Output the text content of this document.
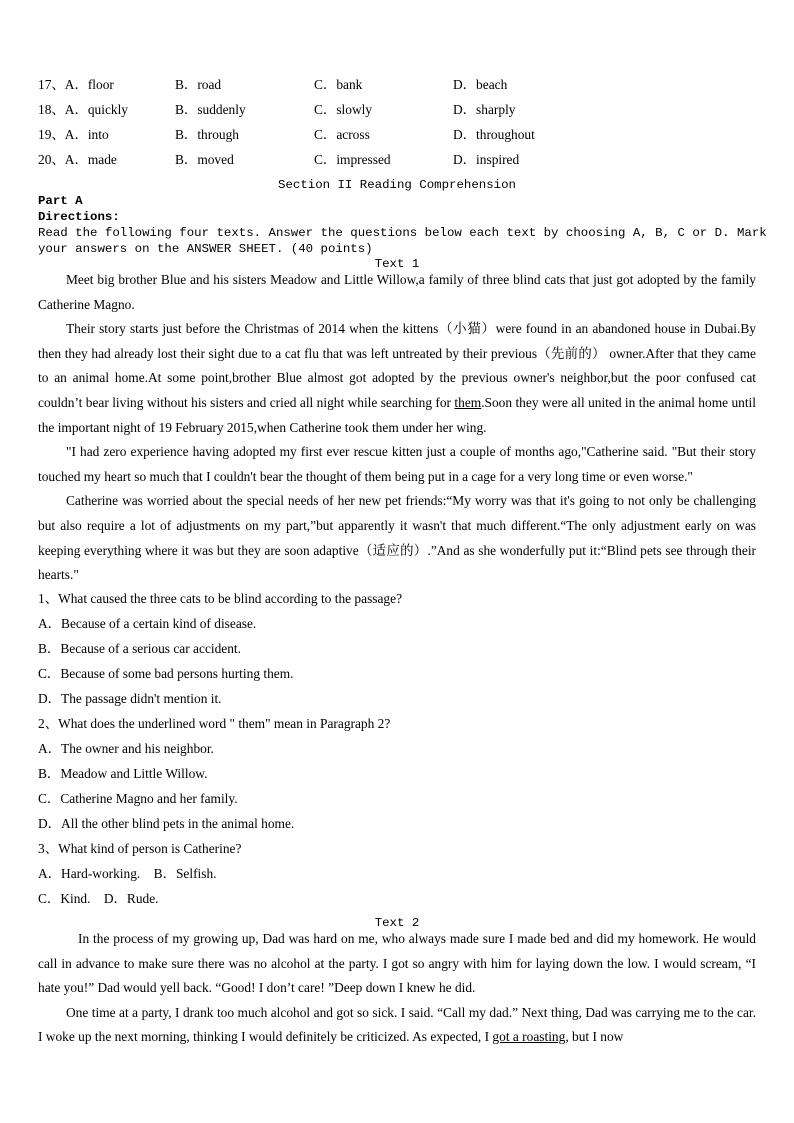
17、A．floor	B．road	C．bank	D．beach
18、A．quickly	B．suddenly	C．slowly	D．sharply
19、A．into	B．through	C．across	D．throughout
20、A．made	B．moved	C．impressed	D．inspired
Section II Reading Comprehension
Part A
Directions:
Read the following four texts. Answer the questions below each text by choosing A, B, C or D. Mark
your answers on the ANSWER SHEET. (40 points)
Text 1

Meet big brother Blue and his sisters Meadow and Little Willow,a family of three blind cats that just got adopted by the family Catherine Magno.

Their story starts just before the Christmas of 2014 when the kittens（小猫）were found in an abandoned house in Dubai.By then they had already lost their sight due to a cat flu that was left untreated by their previous（先前的） owner.After that they came to an animal home.At some point,brother Blue almost got adopted by the previous owner's neighbor,but the poor confused cat couldn’t bear living without his sisters and cried all night while searching for them.Soon they were all united in the animal home until the important night of 19 February 2015,when Catherine took them under her wing.

"I had zero experience having adopted my first ever rescue kitten just a couple of months ago,"Catherine said. "But their story touched my heart so much that I couldn't bear the thought of them being put in a cage for a very long time or even worse."

Catherine was worried about the special needs of her new pet friends:“My worry was that it's going to not only be challenging but also require a lot of adjustments on my part,”but apparently it wasn't that much different.“The only adjustment early on was keeping everything where it was but they are soon adaptive（适应的）.”And as she wonderfully put it:“Blind pets see through their hearts."

1、What caused the three cats to be blind according to the passage?
A．Because of a certain kind of disease.
B．Because of a serious car accident.
C．Because of some bad persons hurting them.
D．The passage didn't mention it.
2、What does the underlined word " them" mean in Paragraph 2?
A．The owner and his neighbor.
B．Meadow and Little Willow.
C．Catherine Magno and her family.
D．All the other blind pets in the animal home.
3、What kind of person is Catherine?
A．Hard-working.　B．Selfish.
C．Kind.　D．Rude.
Text 2

In the process of my growing up, Dad was hard on me, who always made sure I made bed and did my homework. He would call in advance to make sure there was no alcohol at the party. I got so angry with him for laying down the low. I would scream, “I hate you!” Dad would yell back. “Good! I don’t care! ”Deep down I knew he did.

One time at a party, I drank too much alcohol and got so sick. I said. “Call my dad.” Next thing, Dad was carrying me to the car. I woke up the next morning, thinking I would definitely be criticized. As expected, I got a roasting, but I now
